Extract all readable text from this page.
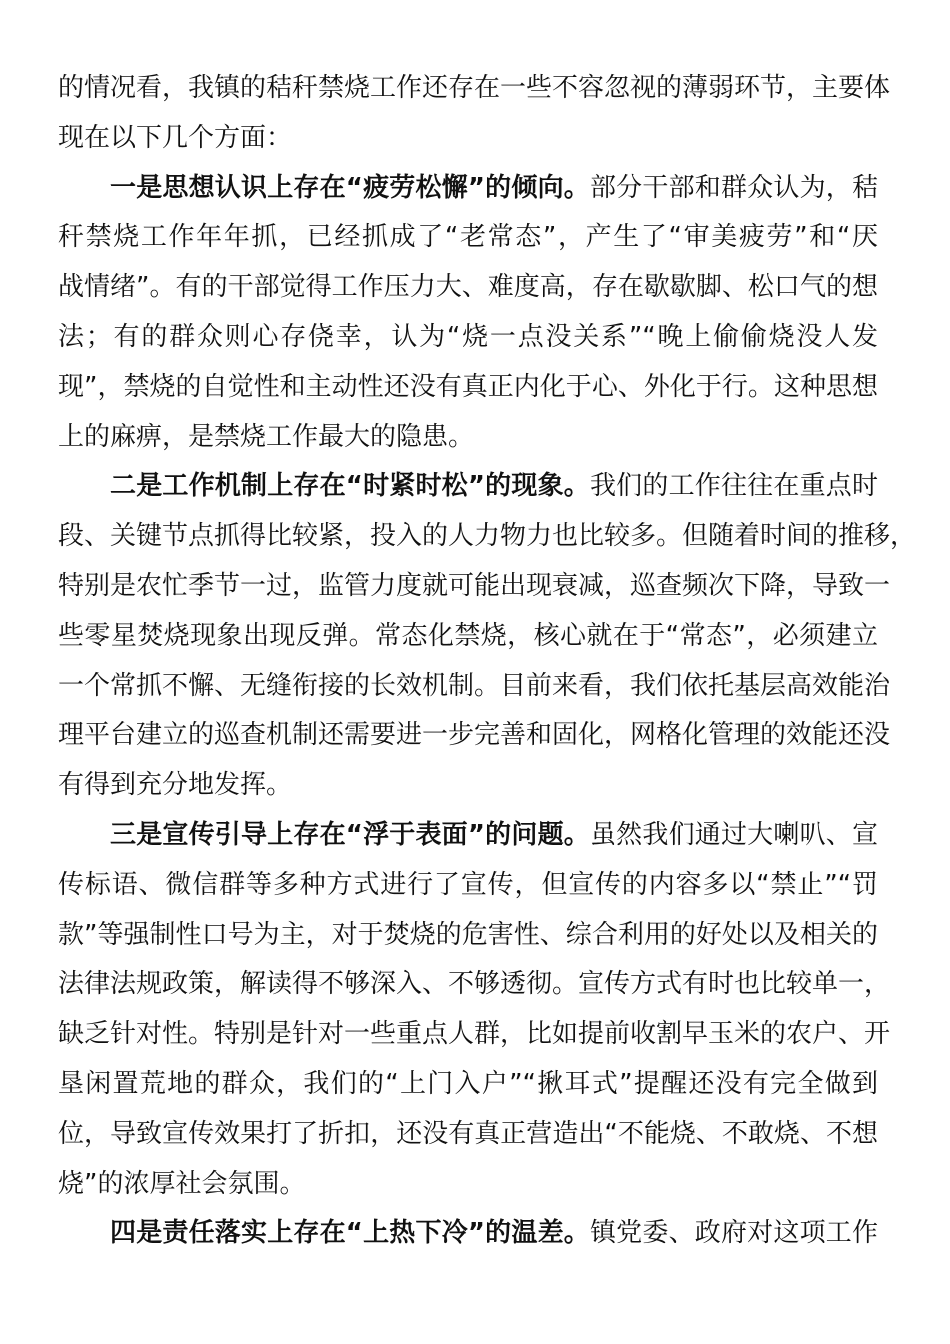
的情况看，我镇的秸秆禁烧工作还存在一些不容忽视的薄弱环节，主要体
现在以下几个方面：
一是思想认识上存在“疲劳松懈”的倾向。部分干部和群众认为，秸
秆禁烧工作年年抓，已经抓成了“老常态”，产生了“审美疲劳”和“厌
战情绪”。有的干部觉得工作压力大、难度高，存在歇歇脚、松口气的想
法；有的群众则心存侥幸，认为“烧一点没关系”“晚上偷偷烧没人发
现”，禁烧的自觉性和主动性还没有真正内化于心、外化于行。这种思想
上的麻痹，是禁烧工作最大的隐患。
二是工作机制上存在“时紧时松”的现象。我们的工作往往在重点时
段、关键节点抓得比较紧，投入的人力物力也比较多。但随着时间的推移，
特别是农忙季节一过，监管力度就可能出现衰减，巡查频次下降，导致一
些零星焚烧现象出现反弹。常态化禁烧，核心就在于“常态”，必须建立
一个常抓不懈、无缝衔接的长效机制。目前来看，我们依托基层高效能治
理平台建立的巡查机制还需要进一步完善和固化，网格化管理的效能还没
有得到充分地发挥。
三是宣传引导上存在“浮于表面”的问题。虽然我们通过大喇叭、宣
传标语、微信群等多种方式进行了宣传，但宣传的内容多以“禁止”“罚
款”等强制性口号为主，对于焚烧的危害性、综合利用的好处以及相关的
法律法规政策，解读得不够深入、不够透彻。宣传方式有时也比较单一，
缺乏针对性。特别是针对一些重点人群，比如提前收割早玉米的农户、开
垦闲置荒地的群众，我们的“上门入户”“揪耳式”提醒还没有完全做到
位，导致宣传效果打了折扣，还没有真正营造出“不能烧、不敢烧、不想
烧”的浓厚社会氛围。
四是责任落实上存在“上热下冷”的温差。镇党委、政府对这项工作
